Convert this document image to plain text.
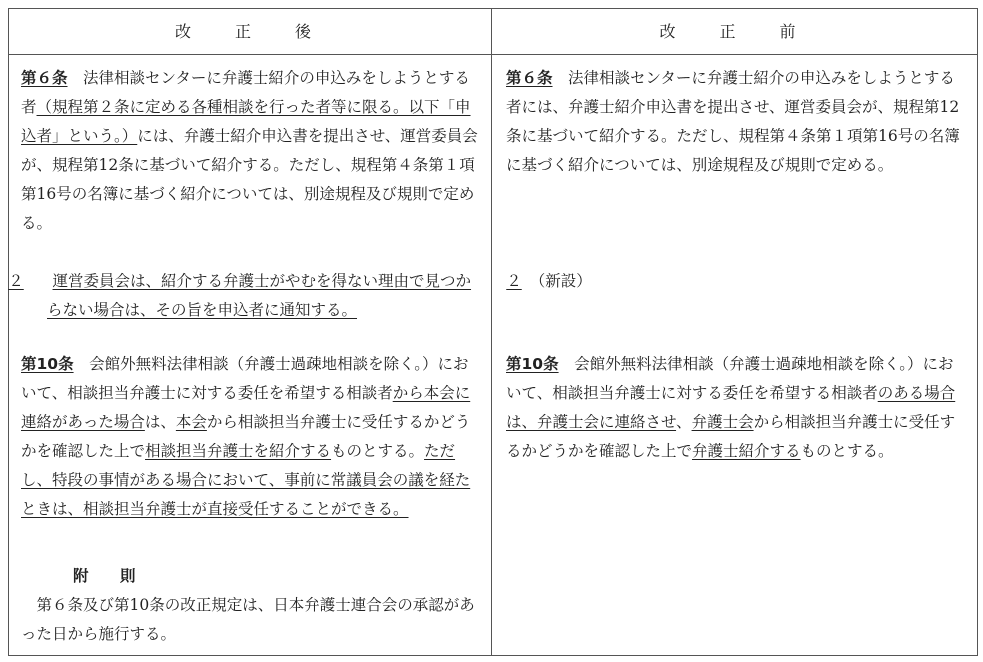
改　正　後	改　正　前

第６条　 法律相談センターに弁護士紹介の申込みをしようとする者（規程第２条に定める各種相談を行った者等に限る。以下「申込者」という。）には、弁護士紹介申込書を提出させ、運営委員会が、規程第12条に基づいて紹介する。ただし、規程第４条第１項第16号の名簿に基づく紹介については、別途規程及び規則で定める。

２　 運営委員会は、紹介する弁護士がやむを得ない理由で見つからない場合は、その旨を申込者に通知する。

第10条　 会館外無料法律相談（弁護士過疎地相談を除く。）において、相談担当弁護士に対する委任を希望する相談者から本会に連絡があった場合は、本会から相談担当弁護士に受任するかどうかを確認した上で相談担当弁護士を紹介するものとする。ただし、特段の事情がある場合において、事前に常議員会の議を経たときは、相談担当弁護士が直接受任することができる。

附　則

第６条及び第10条の改正規定は、日本弁護士連合会の承認があった日から施行する。

第６条　 法律相談センターに弁護士紹介の申込みをしようとする者には、弁護士紹介申込書を提出させ、運営委員会が、規程第12条に基づいて紹介する。ただし、規程第４条第１項第16号の名簿に基づく紹介については、別途規程及び規則で定める。

２　 （新設）

第10条　 会館外無料法律相談（弁護士過疎地相談を除く。）において、相談担当弁護士に対する委任を希望する相談者のある場合は、弁護士会に連絡させ、弁護士会から相談担当弁護士に受任するかどうかを確認した上で弁護士紹介するものとする。
